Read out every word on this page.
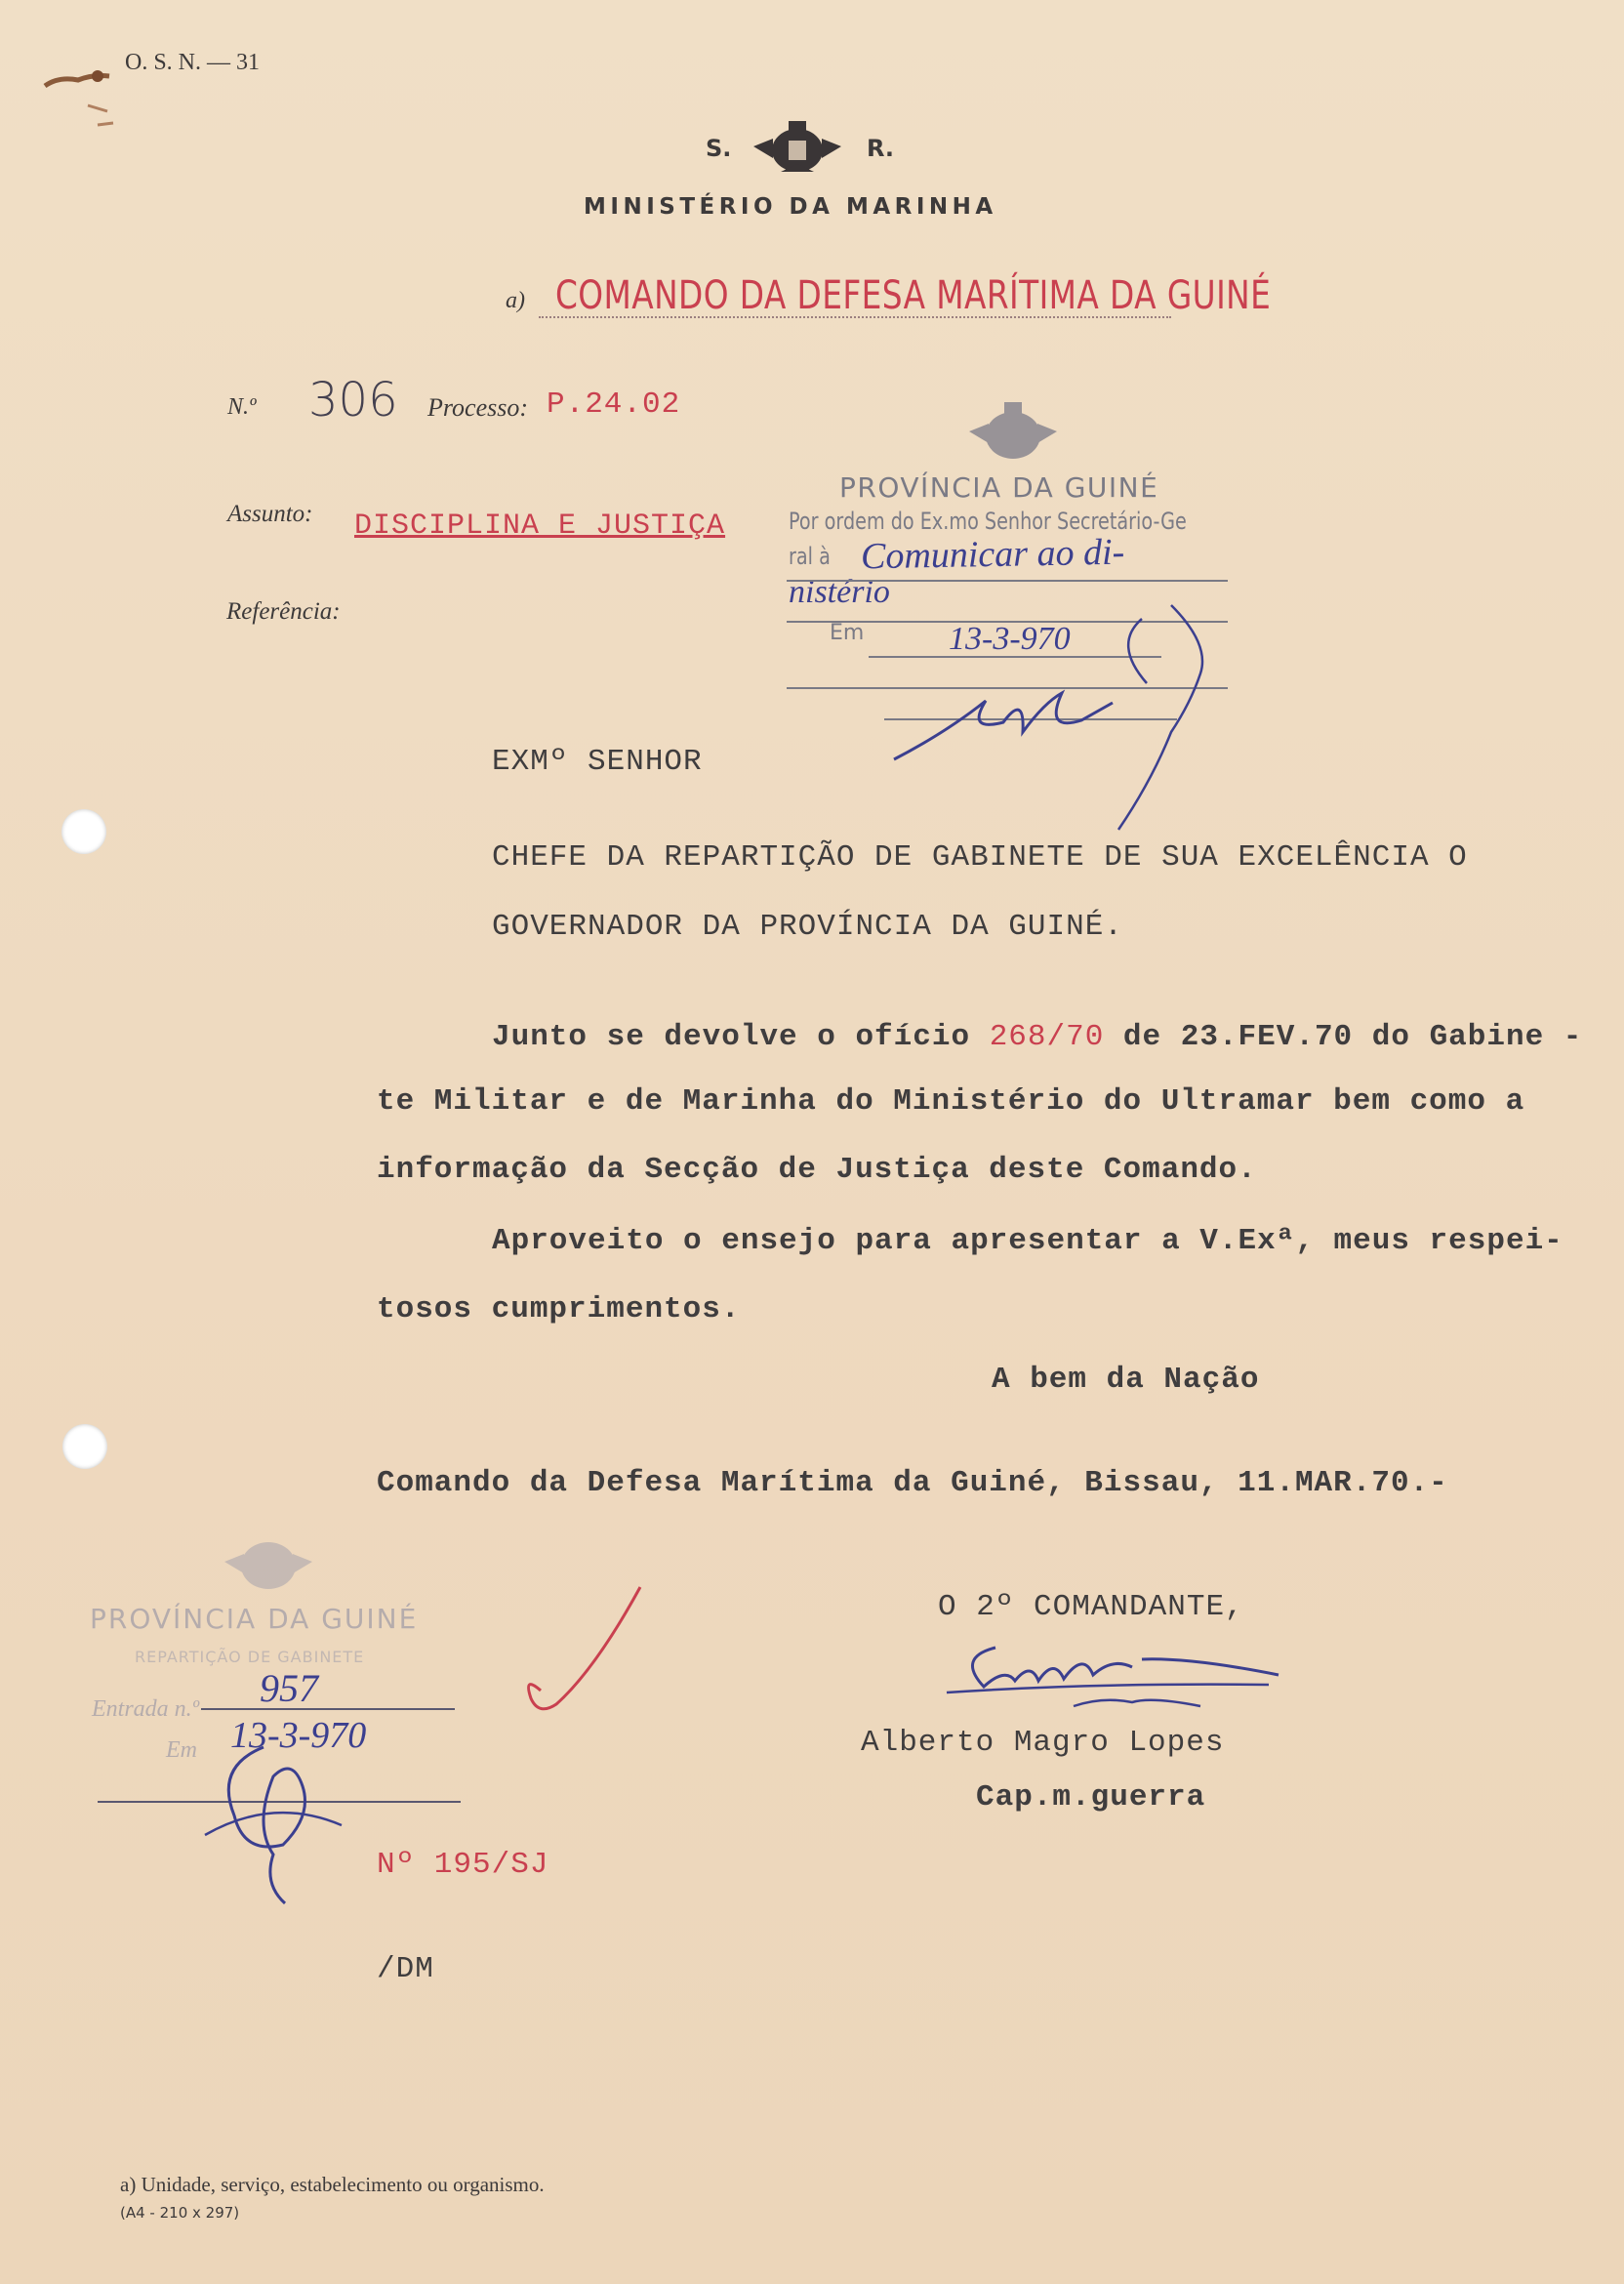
O. S. N. — 31
S.	R.
MINISTÉRIO DA MARINHA
a) COMANDO DA DEFESA MARÍTIMA DA GUINÉ
N.º 306 Processo: P.24.02
Assunto: DISCIPLINA E JUSTIÇA
Referência:
PROVÍNCIA DA GUINÉ
Por ordem do Ex.mo Senhor Secretário-Ge
ral à Comunicar ao di-
nistério
Em	13-3-970
EXMº SENHOR
CHEFE DA REPARTIÇÃO DE GABINETE DE SUA EXCELÊNCIA O
GOVERNADOR DA PROVÍNCIA DA GUINÉ.
Junto se devolve o ofício 268/70 de 23.FEV.70 do Gabine -
te Militar e de Marinha do Ministério do Ultramar bem como a
informação da Secção de Justiça deste Comando.
Aproveito o ensejo para apresentar a V.Exª, meus respei-
tosos cumprimentos.
A bem da Nação
Comando da Defesa Marítima da Guiné, Bissau, 11.MAR.70.-
O 2º COMANDANTE,
Alberto Magro Lopes
Cap.m.guerra
PROVÍNCIA DA GUINÉ
REPARTIÇÃO DE GABINETE
Entrada n.º 957
Em 13-3-970
Nº 195/SJ
/DM
a) Unidade, serviço, estabelecimento ou organismo.
(A4 - 210 x 297)
